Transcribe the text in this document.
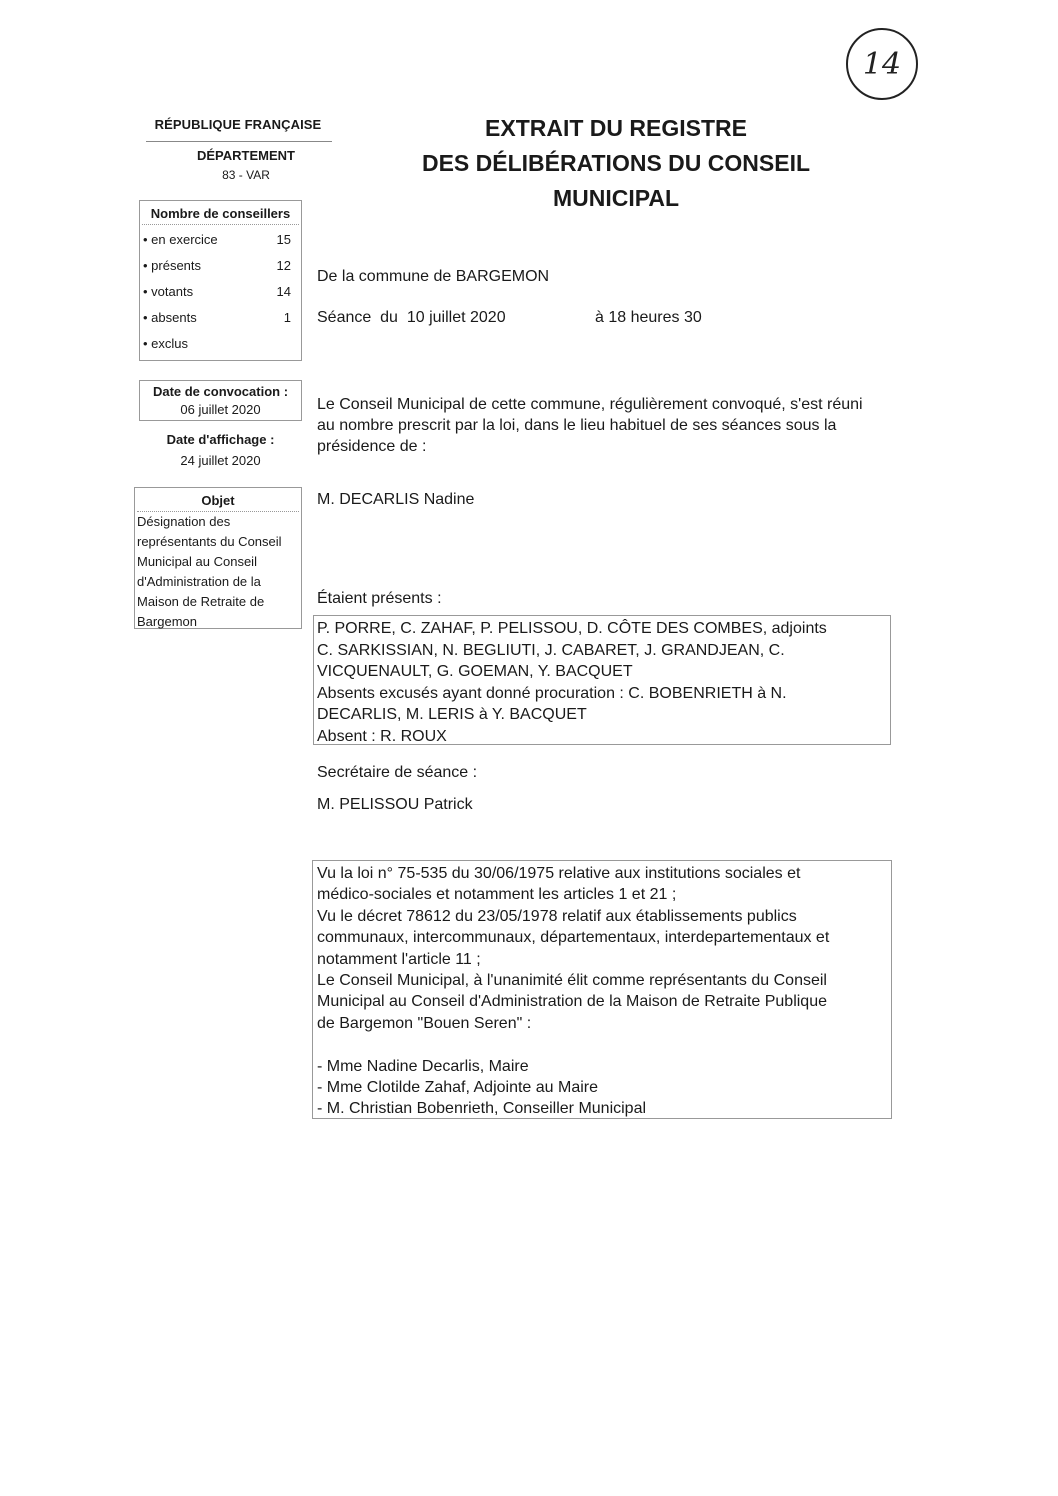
14
RÉPUBLIQUE FRANÇAISE
DÉPARTEMENT
83 - VAR
EXTRAIT DU REGISTRE
DES DÉLIBÉRATIONS DU CONSEIL
MUNICIPAL
Nombre de conseillers
• en exercice	15
• présents	12
• votants	14
• absents	1
• exclus
Date de convocation :
06 juillet 2020
Date d'affichage :
24 juillet 2020
Objet
Désignation des représentants du Conseil Municipal au Conseil d'Administration de la Maison de Retraite de Bargemon
De la commune de BARGEMON
Séance  du  10 juillet 2020	à 18 heures 30
Le Conseil Municipal de cette commune, régulièrement convoqué, s'est réuni au nombre prescrit par la loi, dans le lieu habituel de ses séances sous la présidence de :
M. DECARLIS Nadine
Étaient présents :
P. PORRE, C. ZAHAF, P. PELISSOU, D. CÔTE DES COMBES, adjoints
C. SARKISSIAN, N. BEGLIUTI, J. CABARET, J. GRANDJEAN, C.
VICQUENAULT, G. GOEMAN, Y. BACQUET
Absents excusés ayant donné procuration : C. BOBENRIETH à N.
DECARLIS, M. LERIS à Y. BACQUET
Absent : R. ROUX
Secrétaire de séance :
M. PELISSOU Patrick
Vu la loi n° 75-535 du 30/06/1975 relative aux institutions sociales et
médico-sociales et notamment les articles 1 et 21 ;
Vu le décret 78612 du 23/05/1978 relatif aux établissements publics
communaux, intercommunaux, départementaux, interdepartementaux et
notamment l'article 11 ;
Le Conseil Municipal, à l'unanimité élit comme représentants du Conseil
Municipal au Conseil d'Administration de la Maison de Retraite Publique
de Bargemon "Bouen Seren" :
- Mme Nadine Decarlis, Maire
- Mme Clotilde Zahaf, Adjointe au Maire
- M. Christian Bobenrieth, Conseiller Municipal
